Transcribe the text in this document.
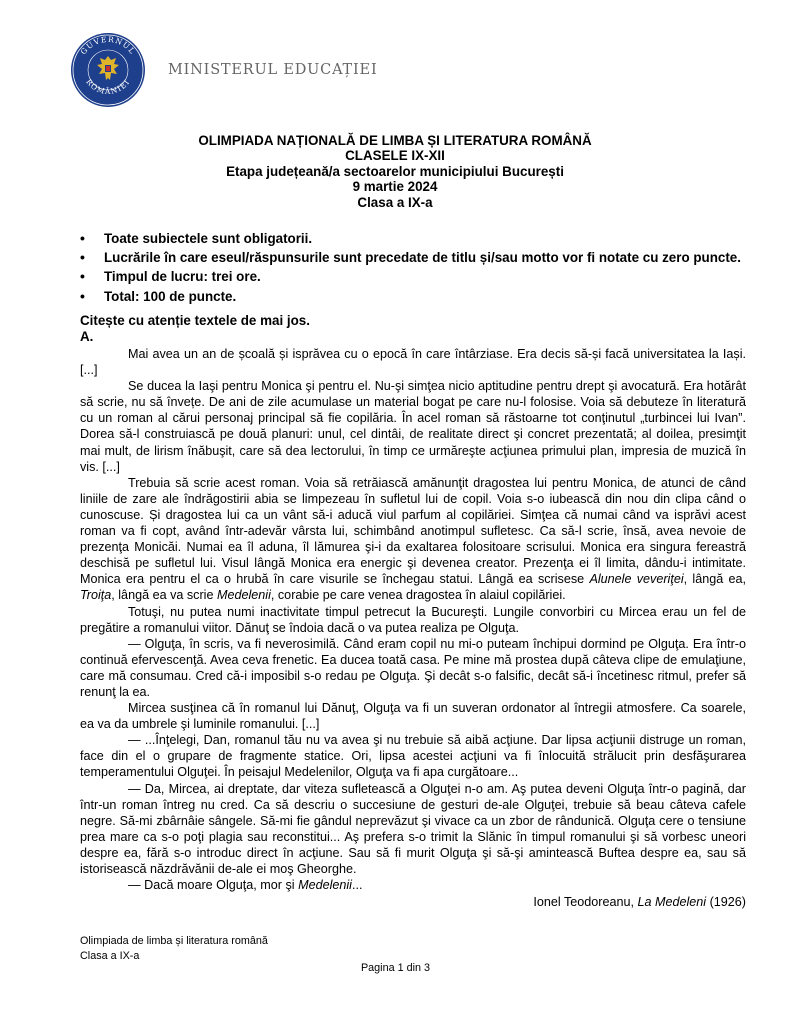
GUVERNUL
ROMÂNIEI
MINISTERUL EDUCAȚIEI
OLIMPIADA NAȚIONALĂ DE LIMBA ȘI LITERATURA ROMÂNĂ
CLASELE IX-XII
Etapa județeană/a sectoarelor municipiului București
9 martie 2024
Clasa a IX-a
• Toate subiectele sunt obligatorii.
• Lucrările în care eseul/răspunsurile sunt precedate de titlu și/sau motto vor fi notate cu zero puncte.
• Timpul de lucru: trei ore.
• Total: 100 de puncte.
Citește cu atenție textele de mai jos.
A.

Mai avea un an de școală și isprăvea cu o epocă în care întârziase. Era decis să-și facă universitatea la Iași. [...]

Se ducea la Iaşi pentru Monica şi pentru el. Nu-şi simţea nicio aptitudine pentru drept şi avocatură. Era hotărât să scrie, nu să învețe. De ani de zile acumulase un material bogat pe care nu-l folosise. Voia să debuteze în literatură cu un roman al cărui personaj principal să fie copilăria. În acel roman să răstoarne tot conţinutul „turbincei lui Ivan”. Dorea să-l construiască pe două planuri: unul, cel dintâi, de realitate direct şi concret prezentată; al doilea, presimţit mai mult, de lirism înăbuşit, care să dea lectorului, în timp ce urmăreşte acţiunea primului plan, impresia de muzică în vis. [...]

Trebuia să scrie acest roman. Voia să retrăiască amănunţit dragostea lui pentru Monica, de atunci de când liniile de zare ale îndrăgostirii abia se limpezeau în sufletul lui de copil. Voia s-o iubească din nou din clipa când o cunoscuse. Și dragostea lui ca un vânt să-i aducă viul parfum al copilăriei. Simţea că numai când va isprăvi acest roman va fi copt, având într-adevăr vârsta lui, schimbând anotimpul sufletesc. Ca să-l scrie, însă, avea nevoie de prezenţa Monicăi. Numai ea îl aduna, îl lămurea şi-i da exaltarea folositoare scrisului. Monica era singura fereastră deschisă pe sufletul lui. Visul lângă Monica era energic şi devenea creator. Prezenţa ei îl limita, dându-i intimitate. Monica era pentru el ca o hrubă în care visurile se închegau statui. Lângă ea scrisese Alunele veveriţei, lângă ea, Troiţa, lângă ea va scrie Medelenii, corabie pe care venea dragostea în alaiul copilăriei.

Totuşi, nu putea numi inactivitate timpul petrecut la Bucureşti. Lungile convorbiri cu Mircea erau un fel de pregătire a romanului viitor. Dănuţ se îndoia dacă o va putea realiza pe Olguţa.

— Olguţa, în scris, va fi neverosimilă. Când eram copil nu mi-o puteam închipui dormind pe Olguţa. Era într-o continuă efervescenţă. Avea ceva frenetic. Ea ducea toată casa. Pe mine mă prostea după câteva clipe de emulaţiune, care mă consumau. Cred că-i imposibil s-o redau pe Olguţa. Şi decât s-o falsific, decât să-i încetinesc ritmul, prefer să renunţ la ea.

Mircea susţinea că în romanul lui Dănuţ, Olguţa va fi un suveran ordonator al întregii atmosfere. Ca soarele, ea va da umbrele şi luminile romanului. [...]

— ...Înţelegi, Dan, romanul tău nu va avea şi nu trebuie să aibă acţiune. Dar lipsa acţiunii distruge un roman, face din el o grupare de fragmente statice. Ori, lipsa acestei acţiuni va fi înlocuită strălucit prin desfăşurarea temperamentului Olguţei. În peisajul Medelenilor, Olguţa va fi apa curgătoare...

— Da, Mircea, ai dreptate, dar viteza sufletească a Olguţei n-o am. Aş putea deveni Olguţa într-o pagină, dar într-un roman întreg nu cred. Ca să descriu o succesiune de gesturi de-ale Olguţei, trebuie să beau câteva cafele negre. Să-mi zbârnâie sângele. Să-mi fie gândul neprevăzut şi vivace ca un zbor de rândunică. Olguţa cere o tensiune prea mare ca s-o poţi plagia sau reconstitui... Aş prefera s-o trimit la Slănic în timpul romanului şi să vorbesc uneori despre ea, fără s-o introduc direct în acţiune. Sau să fi murit Olguţa şi să-şi amintească Buftea despre ea, sau să istorisească năzdrăvănii de-ale ei moş Gheorghe.

— Dacă moare Olguţa, mor şi Medelenii...

Ionel Teodoreanu, La Medeleni (1926)

Olimpiada de limba și literatura română
Clasa a IX-a
Pagina 1 din 3
